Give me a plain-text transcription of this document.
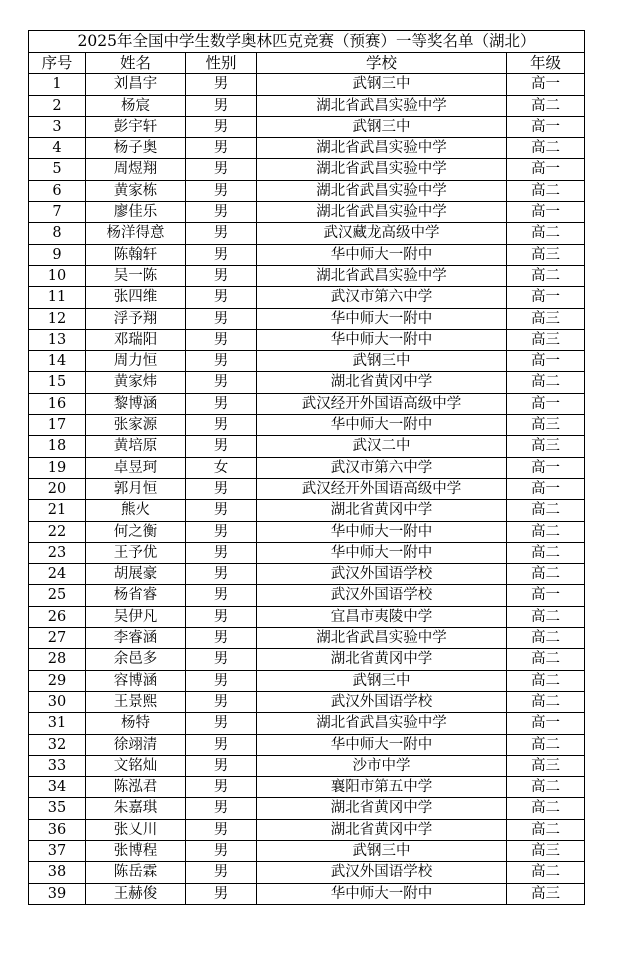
2025年全国中学生数学奥林匹克竞赛（预赛）一等奖名单（湖北）				
序号	姓名	性别	学校	年级
1	刘昌宇	男	武钢三中	高一
2	杨宸	男	湖北省武昌实验中学	高二
3	彭宇轩	男	武钢三中	高一
4	杨子奥	男	湖北省武昌实验中学	高二
5	周煜翔	男	湖北省武昌实验中学	高一
6	黄家栋	男	湖北省武昌实验中学	高二
7	廖佳乐	男	湖北省武昌实验中学	高一
8	杨洋得意	男	武汉藏龙高级中学	高二
9	陈翰轩	男	华中师大一附中	高三
10	吴一陈	男	湖北省武昌实验中学	高二
11	张四维	男	武汉市第六中学	高一
12	浮予翔	男	华中师大一附中	高三
13	邓瑞阳	男	华中师大一附中	高三
14	周力恒	男	武钢三中	高一
15	黄家炜	男	湖北省黄冈中学	高二
16	黎博涵	男	武汉经开外国语高级中学	高一
17	张家源	男	华中师大一附中	高三
18	黄培原	男	武汉二中	高三
19	卓昱珂	女	武汉市第六中学	高一
20	郭月恒	男	武汉经开外国语高级中学	高一
21	熊火	男	湖北省黄冈中学	高二
22	何之衡	男	华中师大一附中	高二
23	王予优	男	华中师大一附中	高二
24	胡展豪	男	武汉外国语学校	高二
25	杨省睿	男	武汉外国语学校	高一
26	吴伊凡	男	宜昌市夷陵中学	高二
27	李睿涵	男	湖北省武昌实验中学	高二
28	余邑多	男	湖北省黄冈中学	高二
29	容博涵	男	武钢三中	高二
30	王景熙	男	武汉外国语学校	高二
31	杨特	男	湖北省武昌实验中学	高一
32	徐翊清	男	华中师大一附中	高二
33	文铭灿	男	沙市中学	高三
34	陈泓君	男	襄阳市第五中学	高二
35	朱嘉琪	男	湖北省黄冈中学	高二
36	张乂川	男	湖北省黄冈中学	高二
37	张博程	男	武钢三中	高三
38	陈岳霖	男	武汉外国语学校	高二
39	王赫俊	男	华中师大一附中	高三
